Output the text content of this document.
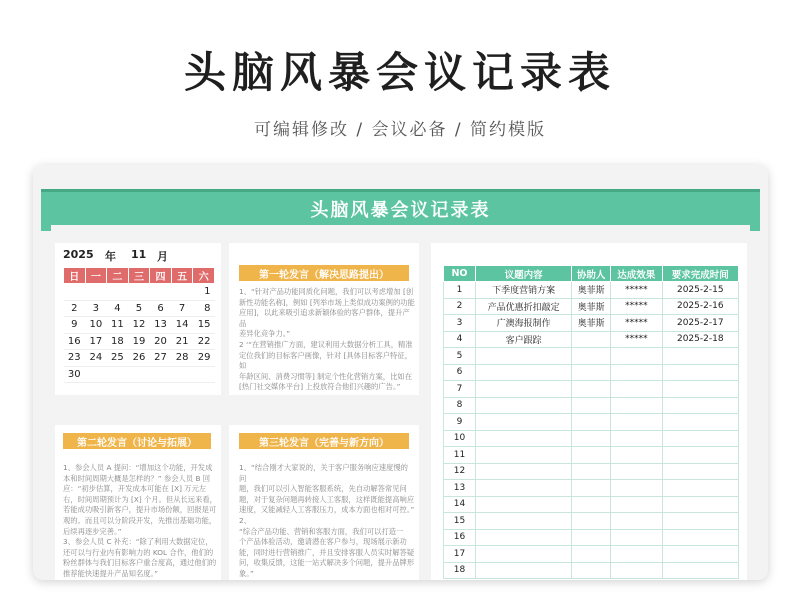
头脑风暴会议记录表
可编辑修改 / 会议必备 / 简约模版
头脑风暴会议记录表
2025	年	11 月
日	一	二	三	四	五	六
						1
2	3	4	5	6	7	8
9	10	11	12	13	14	15
16	17	18	19	20	21	22
23	24	25	26	27	28	29
30						
第一轮发言（解决思路提出）

1、“针对产品功能同质化问题，我们可以考虑增加 [创

新性功能名称]，例如 [列举市场上类似成功案例的功能

应用]，以此来吸引追求新颖体验的客户群体，提升产品

差异化竞争力。”

2 ‘“在营销推广方面，建议利用大数据分析工具，精准

定位我们的目标客户画像，针对 [具体目标客户特征，如

年龄区间、消费习惯等] 制定个性化营销方案，比如在

[热门社交媒体平台] 上投放符合他们兴趣的广告。”

第二轮发言（讨论与拓展）

1、参会人员 A 提问：“增加这个功能，开发成

本和时间周期大概是怎样的？” 参会人员 B 回

应：“初步估算，开发成本可能在 [X] 万元左

右，时间周期预计为 [X] 个月。但从长远来看，

若能成功吸引新客户，提升市场份额，回报是可

观的。而且可以分阶段开发，先推出基础功能，

后续再逐步完善。”

3、参会人员 C 补充：“除了利用大数据定位，

还可以与行业内有影响力的 KOL 合作，他们的

粉丝群体与我们目标客户重合度高，通过他们的

推荐能快速提升产品知名度。”

第三轮发言（完善与新方向）

1、“结合刚才大家说的，关于客户服务响应速度慢的问

题，我们可以引入智能客服系统，先自动解答常见问

题，对于复杂问题再转接人工客服，这样既能提高响应

速度，又能减轻人工客服压力，成本方面也相对可控。”

2、

“综合产品功能、营销和客服方面，我们可以打造一

个产品体验活动，邀请潜在客户参与，现场展示新功

能，同时进行营销推广，并且安排客服人员实时解答疑

问，收集反馈，这能一站式解决多个问题，提升品牌形

象。”

NO	议题内容	协助人	达成效果	要求完成时间
1	下季度营销方案	奥菲斯	*****	2025-2-15
2	产品优惠折扣敲定	奥菲斯	*****	2025-2-16
3	广澳海报制作	奥菲斯	*****	2025-2-17
4	客户跟踪		*****	2025-2-18
5				
6				
7				
8				
9				
10				
11				
12				
13				
14				
15				
16				
17				
18				
